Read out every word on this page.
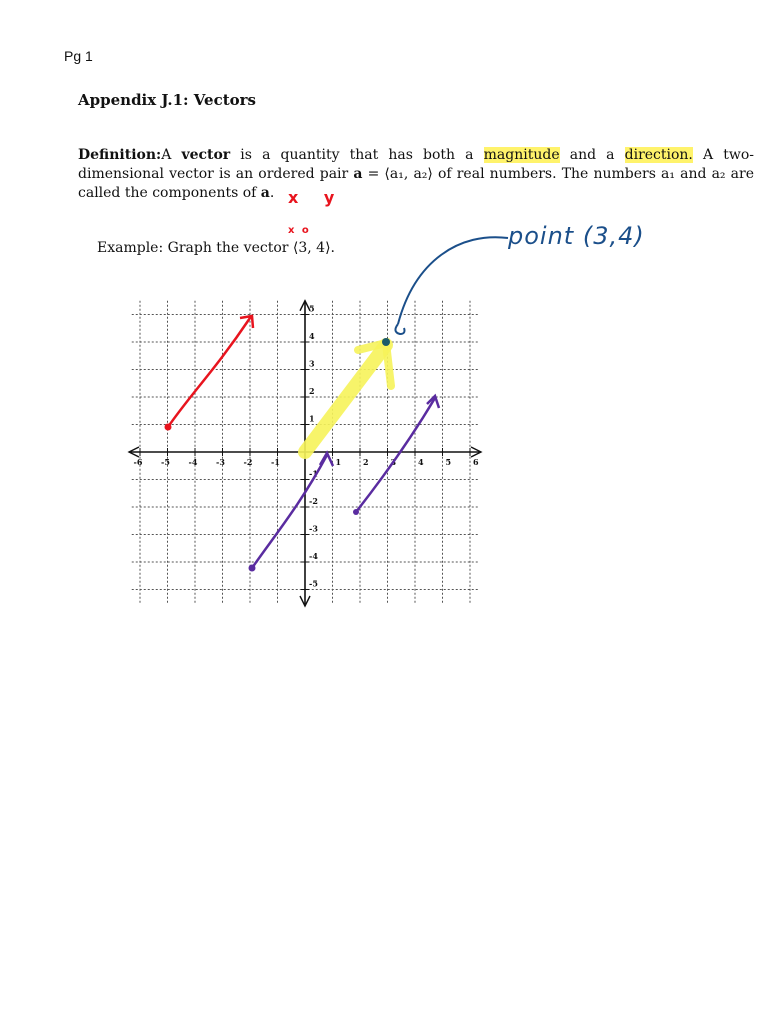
Pg 1
Appendix J.1: Vectors
Definition:A vector is a quantity that has both a magnitude and a direction. A two-dimensional vector is an ordered pair a = ⟨a₁, a₂⟩ of real numbers. The numbers a₁ and a₂ are called the components of a. x y
x o
Example: Graph the vector ⟨3, 4⟩.	point (3,4)
-6 -5 -4 -3 -2 -1	1	2	3	4	5	6
5
4
3
2
1
-1
-2
-3
-4
-5
